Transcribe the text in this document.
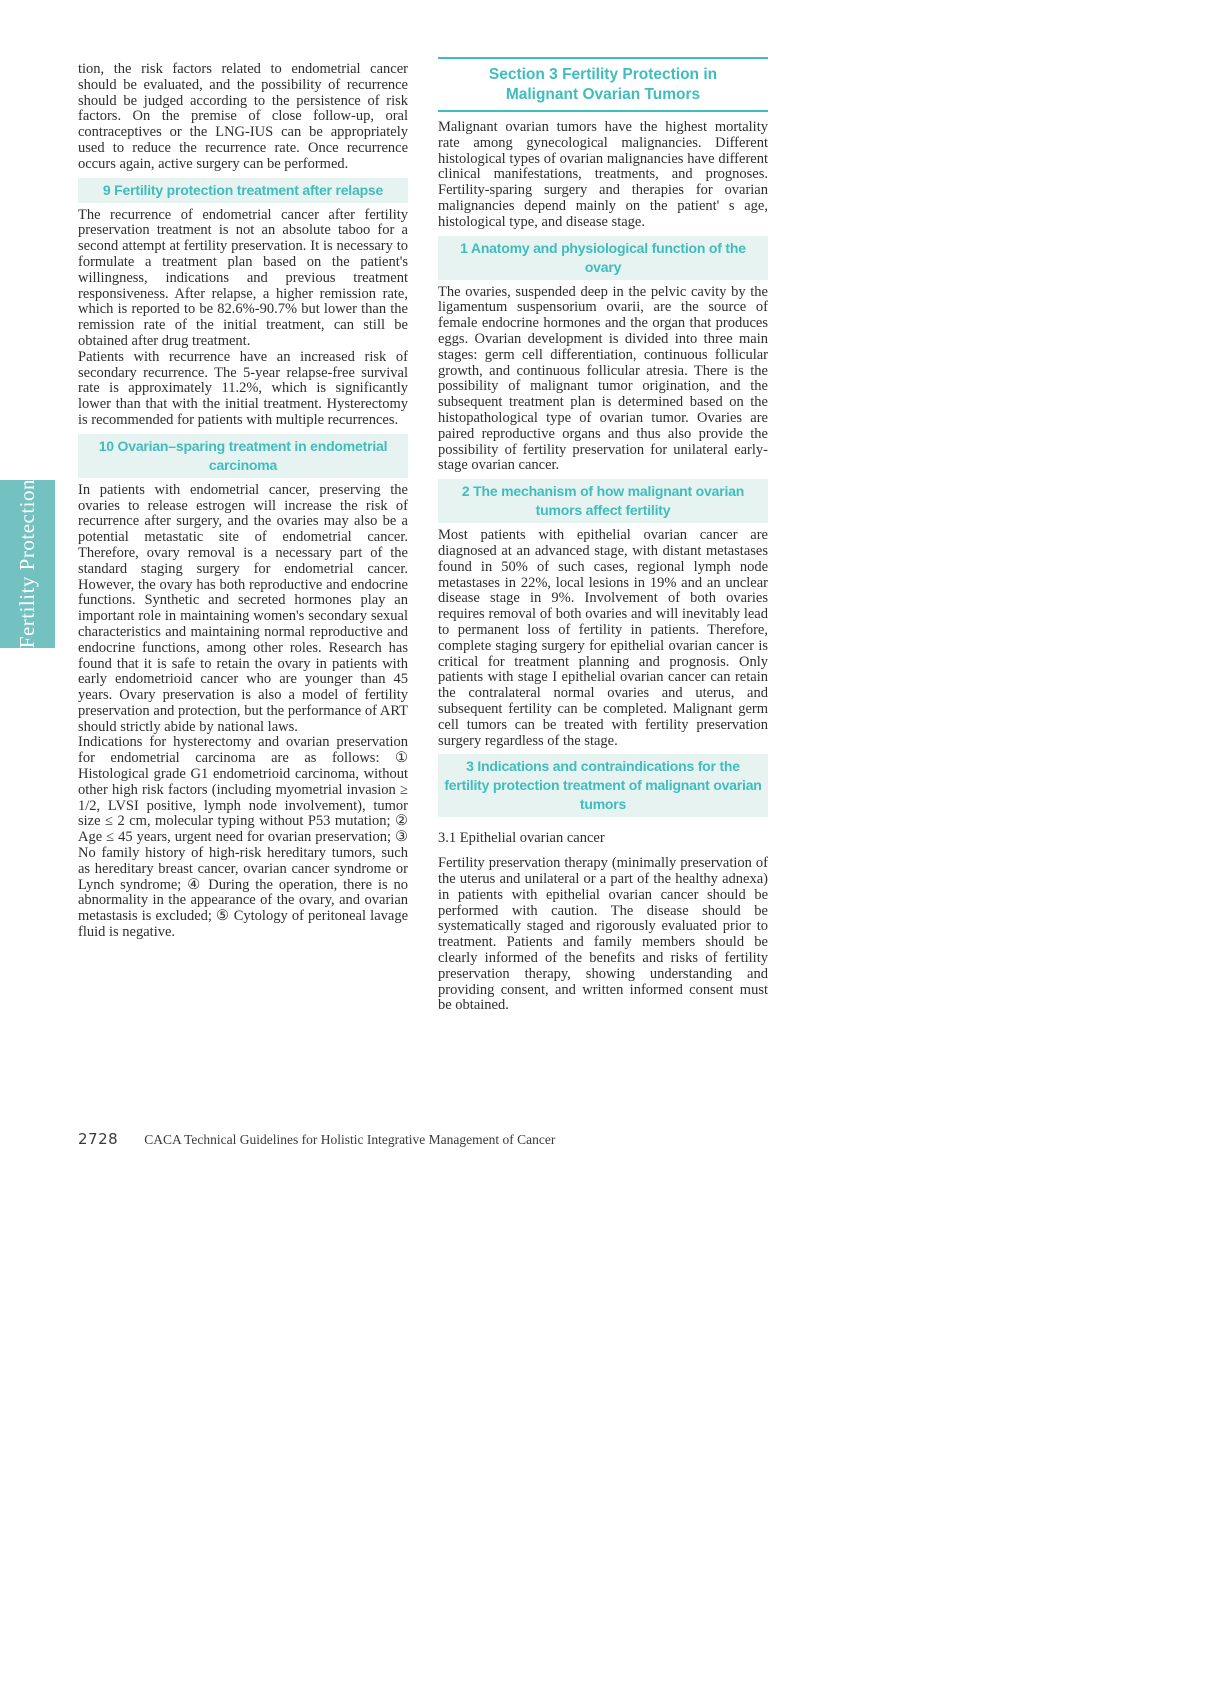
Fertility Protection

tion, the risk factors related to endometrial cancer should be evaluated, and the possibility of recurrence should be judged according to the persistence of risk factors. On the premise of close follow-up, oral contraceptives or the LNG-IUS can be appropriately used to reduce the recurrence rate. Once recurrence occurs again, active surgery can be performed.

9 Fertility protection treatment after relapse

The recurrence of endometrial cancer after fertility preservation treatment is not an absolute taboo for a second attempt at fertility preservation. It is necessary to formulate a treatment plan based on the patient's willingness, indications and previous treatment responsiveness. After relapse, a higher remission rate, which is reported to be 82.6%-90.7% but lower than the remission rate of the initial treatment, can still be obtained after drug treatment.

Patients with recurrence have an increased risk of secondary recurrence. The 5-year relapse-free survival rate is approximately 11.2%, which is significantly lower than that with the initial treatment. Hysterectomy is recommended for patients with multiple recurrences.

10 Ovarian–sparing treatment in endometrial carcinoma

In patients with endometrial cancer, preserving the ovaries to release estrogen will increase the risk of recurrence after surgery, and the ovaries may also be a potential metastatic site of endometrial cancer. Therefore, ovary removal is a necessary part of the standard staging surgery for endometrial cancer. However, the ovary has both reproductive and endocrine functions. Synthetic and secreted hormones play an important role in maintaining women's secondary sexual characteristics and maintaining normal reproductive and endocrine functions, among other roles. Research has found that it is safe to retain the ovary in patients with early endometrioid cancer who are younger than 45 years. Ovary preservation is also a model of fertility preservation and protection, but the performance of ART should strictly abide by national laws.

Indications for hysterectomy and ovarian preservation for endometrial carcinoma are as follows: ① Histological grade G1 endometrioid carcinoma, without other high risk factors (including myometrial invasion ≥ 1/2, LVSI positive, lymph node involvement), tumor size ≤ 2 cm, molecular typing without P53 mutation; ② Age ≤ 45 years, urgent need for ovarian preservation; ③ No family history of high-risk hereditary tumors, such as hereditary breast cancer, ovarian cancer syndrome or Lynch syndrome; ④ During the operation, there is no abnormality in the appearance of the ovary, and ovarian metastasis is excluded; ⑤ Cytology of peritoneal lavage fluid is negative.

Section 3 Fertility Protection in
Malignant Ovarian Tumors

Malignant ovarian tumors have the highest mortality rate among gynecological malignancies. Different histological types of ovarian malignancies have different clinical manifestations, treatments, and prognoses. Fertility-sparing surgery and therapies for ovarian malignancies depend mainly on the patient' s age, histological type, and disease stage.

1 Anatomy and physiological function of the ovary

The ovaries, suspended deep in the pelvic cavity by the ligamentum suspensorium ovarii, are the source of female endocrine hormones and the organ that produces eggs. Ovarian development is divided into three main stages: germ cell differentiation, continuous follicular growth, and continuous follicular atresia. There is the possibility of malignant tumor origination, and the subsequent treatment plan is determined based on the histopathological type of ovarian tumor. Ovaries are paired reproductive organs and thus also provide the possibility of fertility preservation for unilateral early-stage ovarian cancer.

2 The mechanism of how malignant ovarian tumors affect fertility

Most patients with epithelial ovarian cancer are diagnosed at an advanced stage, with distant metastases found in 50% of such cases, regional lymph node metastases in 22%, local lesions in 19% and an unclear disease stage in 9%. Involvement of both ovaries requires removal of both ovaries and will inevitably lead to permanent loss of fertility in patients. Therefore, complete staging surgery for epithelial ovarian cancer is critical for treatment planning and prognosis. Only patients with stage I epithelial ovarian cancer can retain the contralateral normal ovaries and uterus, and subsequent fertility can be completed. Malignant germ cell tumors can be treated with fertility preservation surgery regardless of the stage.

3 Indications and contraindications for the fertility protection treatment of malignant ovarian tumors

3.1 Epithelial ovarian cancer

Fertility preservation therapy (minimally preservation of the uterus and unilateral or a part of the healthy adnexa) in patients with epithelial ovarian cancer should be performed with caution. The disease should be systematically staged and rigorously evaluated prior to treatment. Patients and family members should be clearly informed of the benefits and risks of fertility preservation therapy, showing understanding and providing consent, and written informed consent must be obtained.

2728 CACA Technical Guidelines for Holistic Integrative Management of Cancer
